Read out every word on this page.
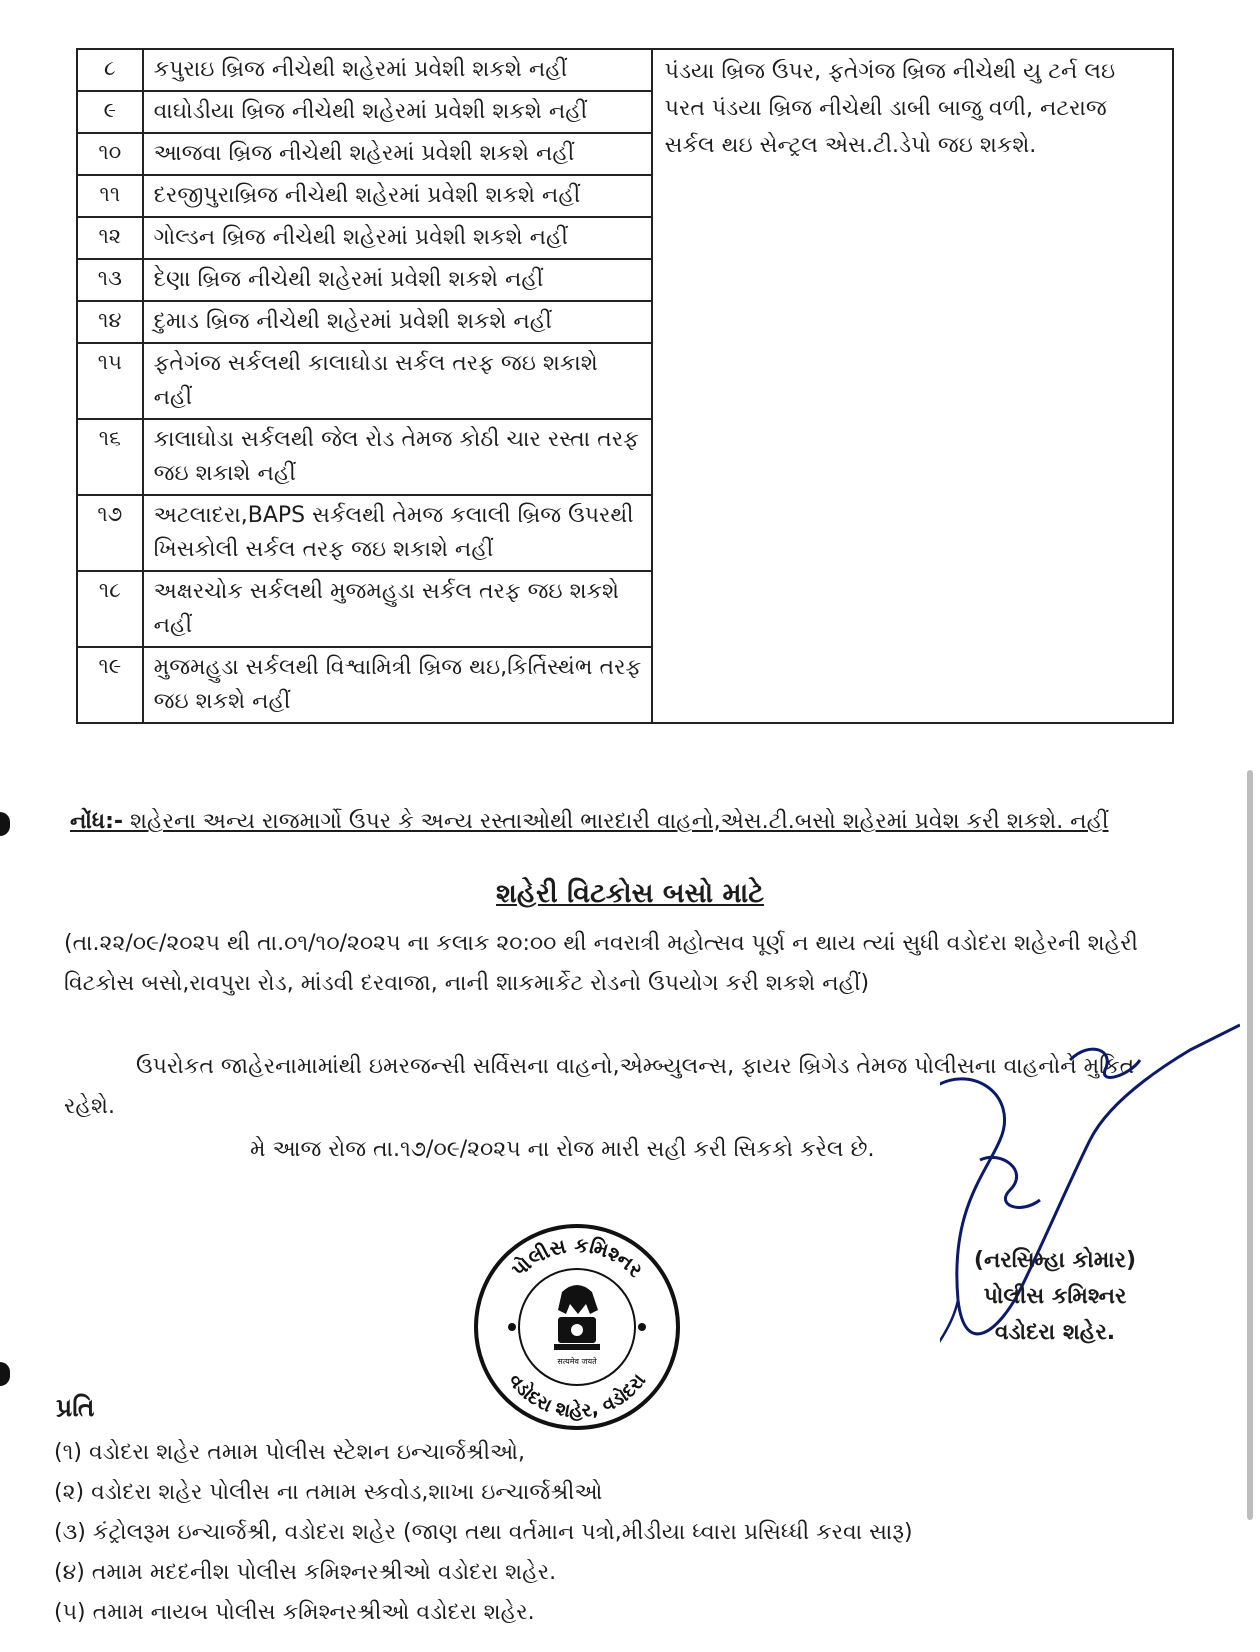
૮	કપુરાઇ બ્રિજ નીચેથી શહેરમાં પ્રવેશી શકશે નહીં	પંડયા બ્રિજ ઉપર, ફતેગંજ બ્રિજ નીચેથી યુ ટર્ન લઇ પરત પંડયા બ્રિજ નીચેથી ડાબી બાજુ વળી, નટરાજ સર્કલ થઇ સેન્ટ્રલ એસ.ટી.ડેપો જઇ શકશે.
૯	વાઘોડીયા બ્રિજ નીચેથી શહેરમાં પ્રવેશી શકશે નહીં	
૧૦	આજવા બ્રિજ નીચેથી શહેરમાં પ્રવેશી શકશે નહીં	
૧૧	દરજીપુરાબ્રિજ નીચેથી શહેરમાં પ્રવેશી શકશે નહીં	
૧૨	ગોલ્ડન બ્રિજ નીચેથી શહેરમાં પ્રવેશી શકશે નહીં	
૧૩	દેણા બ્રિજ નીચેથી શહેરમાં પ્રવેશી શકશે નહીં	
૧૪	દુમાડ બ્રિજ નીચેથી શહેરમાં પ્રવેશી શકશે નહીં	
૧૫	ફતેગંજ સર્કલથી કાલાઘોડા સર્કલ તરફ જઇ શકાશે નહીં	
૧૬	કાલાઘોડા સર્કલથી જેલ રોડ તેમજ કોઠી ચાર રસ્તા તરફ જઇ શકાશે નહીં	
૧૭	અટલાદરા,BAPS સર્કલથી તેમજ કલાલી બ્રિજ ઉપરથી ખિસકોલી સર્કલ તરફ જઇ શકાશે નહીં	
૧૮	અક્ષરચોક સર્કલથી મુજમહુડા સર્કલ તરફ જઇ શકશે નહીં	
૧૯	મુજમહુડા સર્કલથી વિશ્વામિત્રી બ્રિજ થઇ,કિર્તિસ્થંભ તરફ જઇ શકશે નહીં	
નોંધ:- શહેરના અન્ય રાજમાર્ગો ઉપર કે અન્ય રસ્તાઓથી ભારદારી વાહનો,એસ.ટી.બસો શહેરમાં પ્રવેશ કરી શકશે. નહીં
શહેરી વિટકોસ બસો માટે
(તા.૨૨/૦૯/૨૦૨૫ થી તા.૦૧/૧૦/૨૦૨૫ ના કલાક ૨૦:૦૦ થી નવરાત્રી મહોત્સવ પૂર્ણ ન થાય ત્યાં સુધી વડોદરા શહેરની શહેરી વિટકોસ બસો,રાવપુરા રોડ, માંડવી દરવાજા, નાની શાકમાર્કેટ રોડનો ઉપયોગ કરી શકશે નહીં)
ઉપરોકત જાહેરનામામાંથી ઇમરજન્સી સર્વિસના વાહનો,એમ્બ્યુલન્સ, ફાયર બ્રિગેડ તેમજ પોલીસના વાહનોને મુકિત રહેશે.
મે આજ રોજ તા.૧૭/૦૯/૨૦૨૫ ના રોજ મારી સહી કરી સિકકો કરેલ છે.
પોલીસ કમિશ્નર
વડોદરા શહેર, વડોદરા
सत्यमेव जयते
(નરસિમ્હા કોમાર)
પોલીસ કમિશ્નર
વડોદરા શહેર.
પ્રતિ
(૧) વડોદરા શહેર તમામ પોલીસ સ્ટેશન ઇન્ચાર્જશ્રીઓ,
(૨) વડોદરા શહેર પોલીસ ના તમામ સ્કવોડ,શાખા ઇન્ચાર્જશ્રીઓ
(૩) કંટ્રોલરૂમ ઇન્ચાર્જશ્રી, વડોદરા શહેર (જાણ તથા વર્તમાન પત્રો,મીડીયા ધ્વારા પ્રસિધ્ધી કરવા સારૂ)
(૪) તમામ મદદનીશ પોલીસ કમિશ્નરશ્રીઓ વડોદરા શહેર.
(૫) તમામ નાયબ પોલીસ કમિશ્નરશ્રીઓ વડોદરા શહેર.
